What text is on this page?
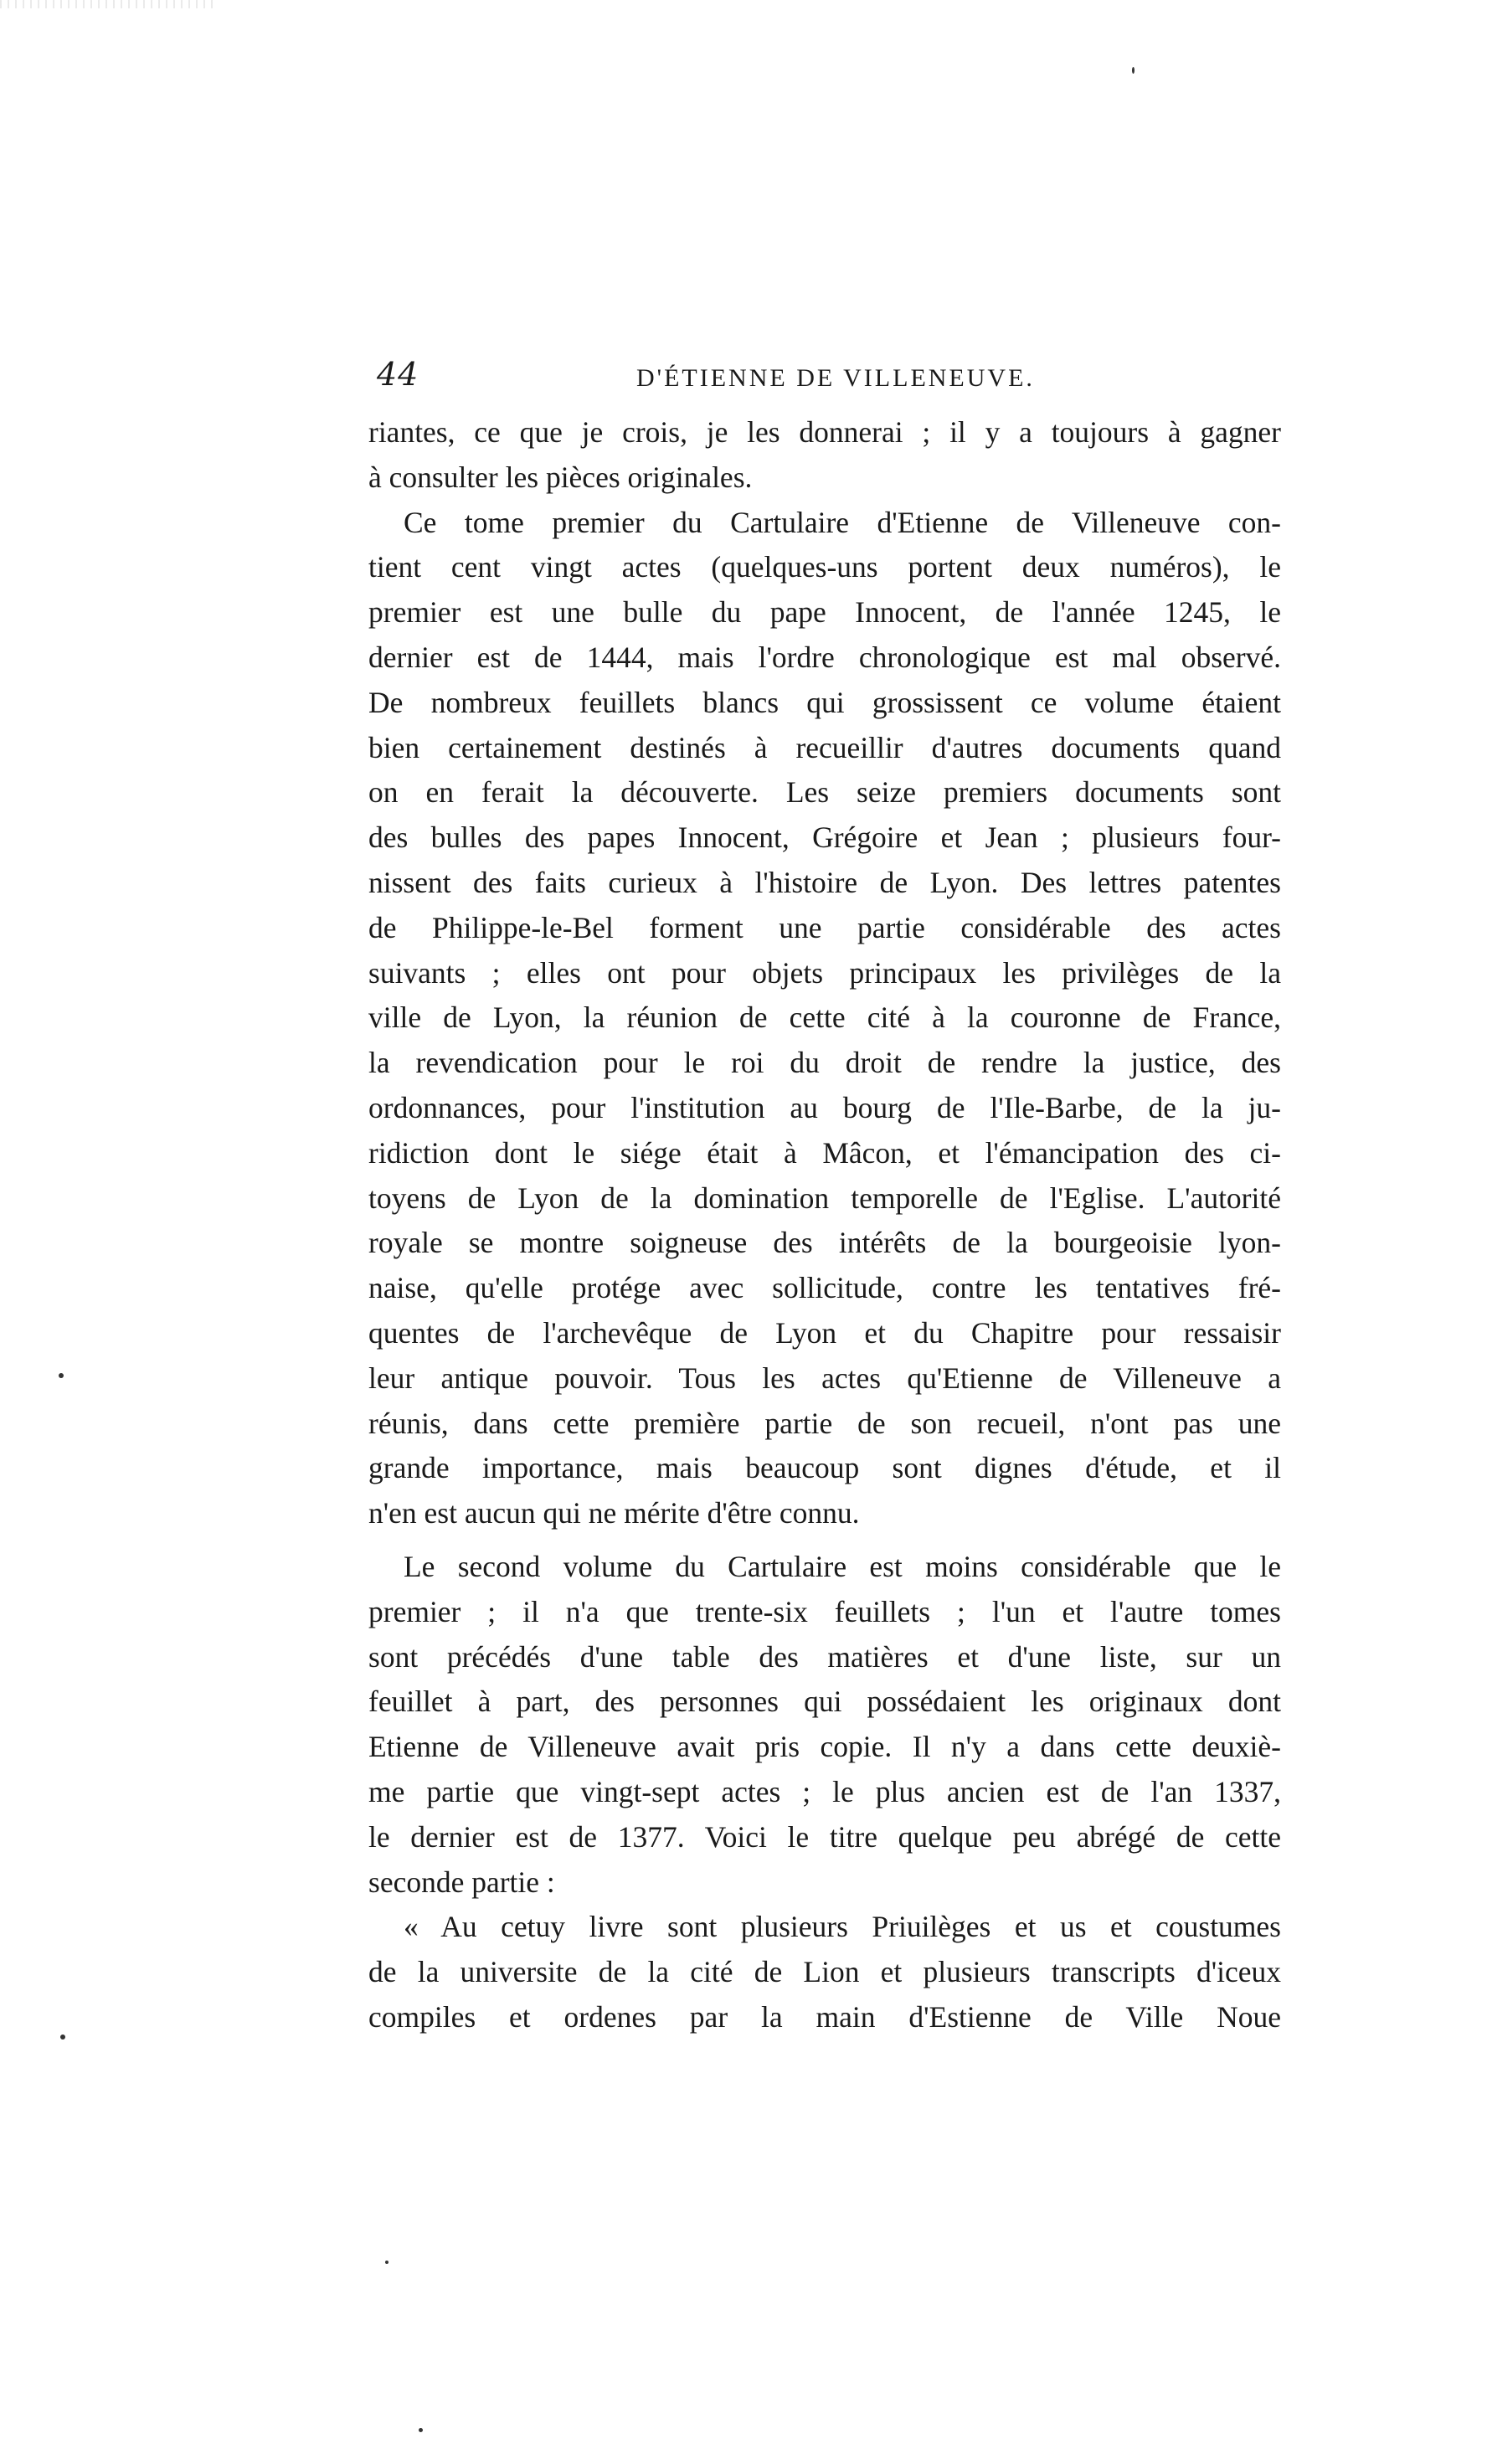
44	D'ÉTIENNE DE VILLENEUVE.

riantes, ce que je crois, je les donnerai ; il y a toujours à gagner
à consulter les pièces originales.

Ce tome premier du Cartulaire d'Etienne de Villeneuve con-
tient cent vingt actes (quelques-uns portent deux numéros), le
premier est une bulle du pape Innocent, de l'année 1245, le
dernier est de 1444, mais l'ordre chronologique est mal observé.
De nombreux feuillets blancs qui grossissent ce volume étaient
bien certainement destinés à recueillir d'autres documents quand
on en ferait la découverte. Les seize premiers documents sont
des bulles des papes Innocent, Grégoire et Jean ; plusieurs four-
nissent des faits curieux à l'histoire de Lyon. Des lettres patentes
de Philippe-le-Bel forment une partie considérable des actes
suivants ; elles ont pour objets principaux les privilèges de la
ville de Lyon, la réunion de cette cité à la couronne de France,
la revendication pour le roi du droit de rendre la justice, des
ordonnances, pour l'institution au bourg de l'Ile-Barbe, de la ju-
ridiction dont le siége était à Mâcon, et l'émancipation des ci-
toyens de Lyon de la domination temporelle de l'Eglise. L'autorité
royale se montre soigneuse des intérêts de la bourgeoisie lyon-
naise, qu'elle protége avec sollicitude, contre les tentatives fré-
quentes de l'archevêque de Lyon et du Chapitre pour ressaisir
leur antique pouvoir. Tous les actes qu'Etienne de Villeneuve a
réunis, dans cette première partie de son recueil, n'ont pas une
grande importance, mais beaucoup sont dignes d'étude, et il
n'en est aucun qui ne mérite d'être connu.

Le second volume du Cartulaire est moins considérable que le
premier ; il n'a que trente-six feuillets ; l'un et l'autre tomes
sont précédés d'une table des matières et d'une liste, sur un
feuillet à part, des personnes qui possédaient les originaux dont
Etienne de Villeneuve avait pris copie. Il n'y a dans cette deuxiè-
me partie que vingt-sept actes ; le plus ancien est de l'an 1337,
le dernier est de 1377. Voici le titre quelque peu abrégé de cette
seconde partie :

« Au cetuy livre sont plusieurs Priuilèges et us et coustumes
de la universite de la cité de Lion et plusieurs transcripts d'iceux
compiles et ordenes par la main d'Estienne de Ville Noue
